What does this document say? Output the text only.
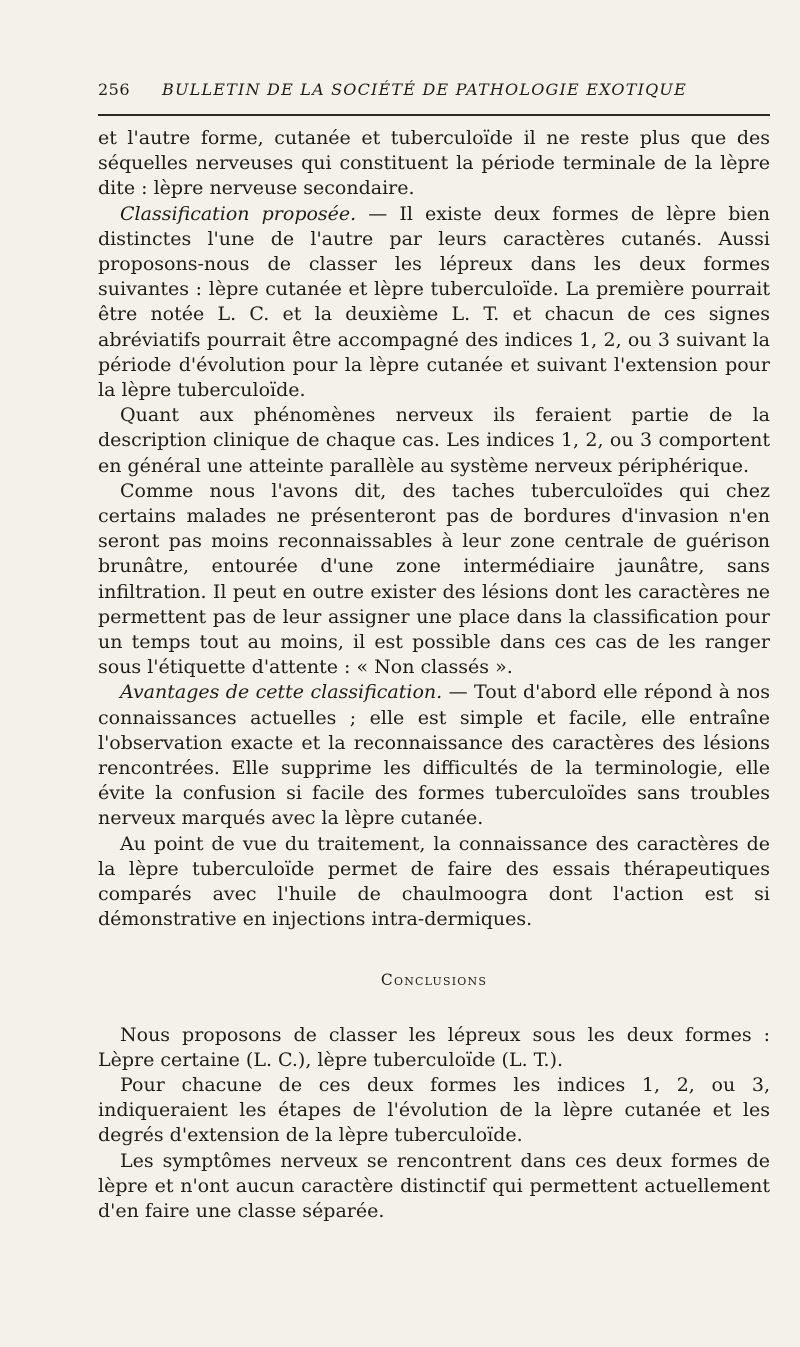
256	BULLETIN DE LA SOCIÉTÉ DE PATHOLOGIE EXOTIQUE

et l'autre forme, cutanée et tuberculoïde il ne reste plus que des séquelles nerveuses qui constituent la période terminale de la lèpre dite : lèpre nerveuse secondaire.

Classification proposée. — Il existe deux formes de lèpre bien distinctes l'une de l'autre par leurs caractères cutanés. Aussi proposons-nous de classer les lépreux dans les deux formes suivantes : lèpre cutanée et lèpre tuberculoïde. La première pourrait être notée L. C. et la deuxième L. T. et chacun de ces signes abréviatifs pourrait être accompagné des indices 1, 2, ou 3 suivant la période d'évolution pour la lèpre cutanée et suivant l'extension pour la lèpre tuberculoïde.

Quant aux phénomènes nerveux ils feraient partie de la description clinique de chaque cas. Les indices 1, 2, ou 3 comportent en général une atteinte parallèle au système nerveux périphérique.

Comme nous l'avons dit, des taches tuberculoïdes qui chez certains malades ne présenteront pas de bordures d'invasion n'en seront pas moins reconnaissables à leur zone centrale de guérison brunâtre, entourée d'une zone intermédiaire jaunâtre, sans infiltration. Il peut en outre exister des lésions dont les caractères ne permettent pas de leur assigner une place dans la classification pour un temps tout au moins, il est possible dans ces cas de les ranger sous l'étiquette d'attente : « Non classés ».

Avantages de cette classification. — Tout d'abord elle répond à nos connaissances actuelles ; elle est simple et facile, elle entraîne l'observation exacte et la reconnaissance des caractères des lésions rencontrées. Elle supprime les difficultés de la terminologie, elle évite la confusion si facile des formes tuberculoïdes sans troubles nerveux marqués avec la lèpre cutanée.

Au point de vue du traitement, la connaissance des caractères de la lèpre tuberculoïde permet de faire des essais thérapeutiques comparés avec l'huile de chaulmoogra dont l'action est si démonstrative en injections intra-dermiques.

Conclusions

Nous proposons de classer les lépreux sous les deux formes : Lèpre certaine (L. C.), lèpre tuberculoïde (L. T.).

Pour chacune de ces deux formes les indices 1, 2, ou 3, indiqueraient les étapes de l'évolution de la lèpre cutanée et les degrés d'extension de la lèpre tuberculoïde.

Les symptômes nerveux se rencontrent dans ces deux formes de lèpre et n'ont aucun caractère distinctif qui permettent actuellement d'en faire une classe séparée.
